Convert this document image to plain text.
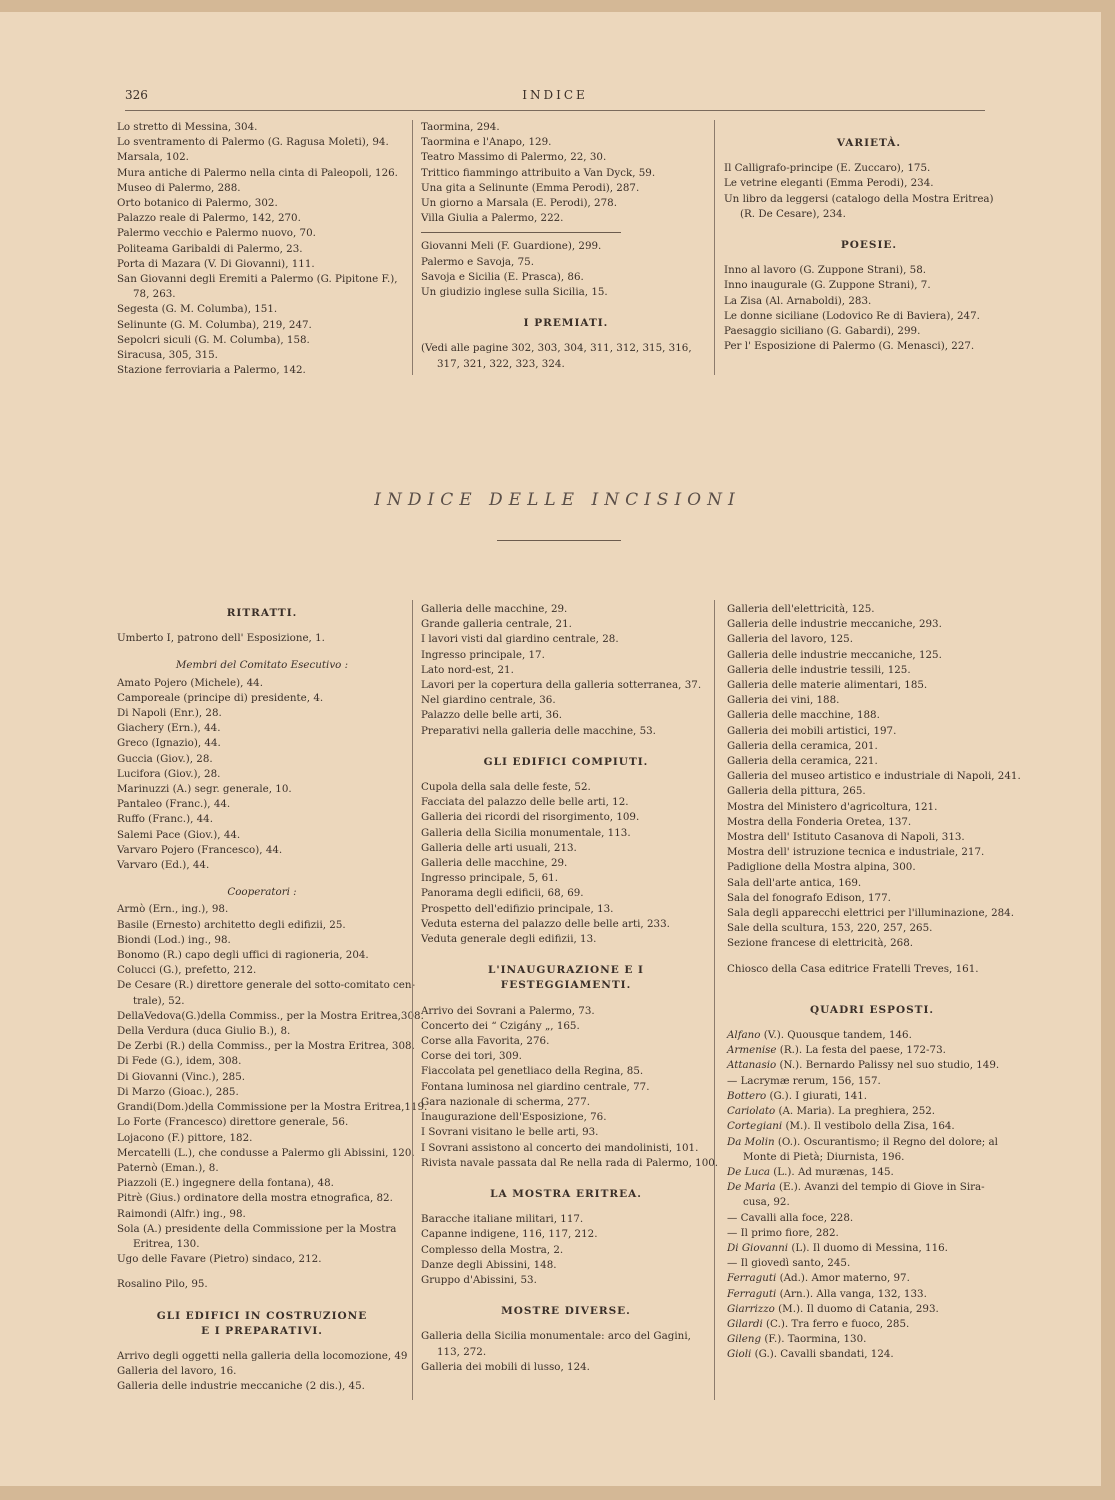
326	INDICE
Lo stretto di Messina, 304.
Lo sventramento di Palermo (G. Ragusa Moleti), 94.
Marsala, 102.
Mura antiche di Palermo nella cinta di Paleopoli, 126.
Museo di Palermo, 288.
Orto botanico di Palermo, 302.
Palazzo reale di Palermo, 142, 270.
Palermo vecchio e Palermo nuovo, 70.
Politeama Garibaldi di Palermo, 23.
Porta di Mazara (V. Di Giovanni), 111.
San Giovanni degli Eremiti a Palermo (G. Pipitone F.),
78, 263.
Segesta (G. M. Columba), 151.
Selinunte (G. M. Columba), 219, 247.
Sepolcri siculi (G. M. Columba), 158.
Siracusa, 305, 315.
Stazione ferroviaria a Palermo, 142.
Taormina, 294.
Taormina e l'Anapo, 129.
Teatro Massimo di Palermo, 22, 30.
Trittico fiammingo attribuito a Van Dyck, 59.
Una gita a Selinunte (Emma Perodi), 287.
Un giorno a Marsala (E. Perodi), 278.
Villa Giulia a Palermo, 222.
Giovanni Meli (F. Guardione), 299.
Palermo e Savoja, 75.
Savoja e Sicilia (E. Prasca), 86.
Un giudizio inglese sulla Sicilia, 15.
I PREMIATI.
(Vedi alle pagine 302, 303, 304, 311, 312, 315, 316,
317, 321, 322, 323, 324.
VARIETÀ.
Il Calligrafo-principe (E. Zuccaro), 175.
Le vetrine eleganti (Emma Perodi), 234.
Un libro da leggersi (catalogo della Mostra Eritrea)
(R. De Cesare), 234.
POESIE.
Inno al lavoro (G. Zuppone Strani), 58.
Inno inaugurale (G. Zuppone Strani), 7.
La Zisa (Al. Arnaboldi), 283.
Le donne siciliane (Lodovico Re di Baviera), 247.
Paesaggio siciliano (G. Gabardi), 299.
Per l' Esposizione di Palermo (G. Menasci), 227.
INDICE DELLE INCISIONI
RITRATTI.
Umberto I, patrono dell' Esposizione, 1.
Membri del Comitato Esecutivo :
Amato Pojero (Michele), 44.
Camporeale (principe di) presidente, 4.
Di Napoli (Enr.), 28.
Giachery (Ern.), 44.
Greco (Ignazio), 44.
Guccia (Giov.), 28.
Lucifora (Giov.), 28.
Marinuzzi (A.) segr. generale, 10.
Pantaleo (Franc.), 44.
Ruffo (Franc.), 44.
Salemi Pace (Giov.), 44.
Varvaro Pojero (Francesco), 44.
Varvaro (Ed.), 44.
Cooperatori :
Armò (Ern., ing.), 98.
Basile (Ernesto) architetto degli edifizii, 25.
Biondi (Lod.) ing., 98.
Bonomo (R.) capo degli uffici di ragioneria, 204.
Colucci (G.), prefetto, 212.
De Cesare (R.) direttore generale del sotto-comitato cen-
trale), 52.
DellaVedova(G.)della Commiss., per la Mostra Eritrea,308.
Della Verdura (duca Giulio B.), 8.
De Zerbi (R.) della Commiss., per la Mostra Eritrea, 308.
Di Fede (G.), idem, 308.
Di Giovanni (Vinc.), 285.
Di Marzo (Gioac.), 285.
Grandi(Dom.)della Commissione per la Mostra Eritrea,119.
Lo Forte (Francesco) direttore generale, 56.
Lojacono (F.) pittore, 182.
Mercatelli (L.), che condusse a Palermo gli Abissini, 120.
Paternò (Eman.), 8.
Piazzoli (E.) ingegnere della fontana), 48.
Pitrè (Gius.) ordinatore della mostra etnografica, 82.
Raimondi (Alfr.) ing., 98.
Sola (A.) presidente della Commissione per la Mostra
Eritrea, 130.
Ugo delle Favare (Pietro) sindaco, 212.
Rosalino Pilo, 95.
GLI EDIFICI IN COSTRUZIONE
E I PREPARATIVI.
Arrivo degli oggetti nella galleria della locomozione, 49
Galleria del lavoro, 16.
Galleria delle industrie meccaniche (2 dis.), 45.
Galleria delle macchine, 29.
Grande galleria centrale, 21.
I lavori visti dal giardino centrale, 28.
Ingresso principale, 17.
Lato nord-est, 21.
Lavori per la copertura della galleria sotterranea, 37.
Nel giardino centrale, 36.
Palazzo delle belle arti, 36.
Preparativi nella galleria delle macchine, 53.
GLI EDIFICI COMPIUTI.
Cupola della sala delle feste, 52.
Facciata del palazzo delle belle arti, 12.
Galleria dei ricordi del risorgimento, 109.
Galleria della Sicilia monumentale, 113.
Galleria delle arti usuali, 213.
Galleria delle macchine, 29.
Ingresso principale, 5, 61.
Panorama degli edificii, 68, 69.
Prospetto dell'edifizio principale, 13.
Veduta esterna del palazzo delle belle arti, 233.
Veduta generale degli edifizii, 13.
L'INAUGURAZIONE E I FESTEGGIAMENTI.
Arrivo dei Sovrani a Palermo, 73.
Concerto dei “ Czigány „, 165.
Corse alla Favorita, 276.
Corse dei tori, 309.
Fiaccolata pel genetliaco della Regina, 85.
Fontana luminosa nel giardino centrale, 77.
Gara nazionale di scherma, 277.
Inaugurazione dell'Esposizione, 76.
I Sovrani visitano le belle arti, 93.
I Sovrani assistono al concerto dei mandolinisti, 101.
Rivista navale passata dal Re nella rada di Palermo, 100.
LA MOSTRA ERITREA.
Baracche italiane militari, 117.
Capanne indigene, 116, 117, 212.
Complesso della Mostra, 2.
Danze degli Abissini, 148.
Gruppo d'Abissini, 53.
MOSTRE DIVERSE.
Galleria della Sicilia monumentale: arco del Gagini,
113, 272.
Galleria dei mobili di lusso, 124.
Galleria dell'elettricità, 125.
Galleria delle industrie meccaniche, 293.
Galleria del lavoro, 125.
Galleria delle industrie meccaniche, 125.
Galleria delle industrie tessili, 125.
Galleria delle materie alimentari, 185.
Galleria dei vini, 188.
Galleria delle macchine, 188.
Galleria dei mobili artistici, 197.
Galleria della ceramica, 201.
Galleria della ceramica, 221.
Galleria del museo artistico e industriale di Napoli, 241.
Galleria della pittura, 265.
Mostra del Ministero d'agricoltura, 121.
Mostra della Fonderia Oretea, 137.
Mostra dell' Istituto Casanova di Napoli, 313.
Mostra dell' istruzione tecnica e industriale, 217.
Padiglione della Mostra alpina, 300.
Sala dell'arte antica, 169.
Sala del fonografo Edison, 177.
Sala degli apparecchi elettrici per l'illuminazione, 284.
Sale della scultura, 153, 220, 257, 265.
Sezione francese di elettricità, 268.
Chiosco della Casa editrice Fratelli Treves, 161.
QUADRI ESPOSTI.
Alfano (V.). Quousque tandem, 146.
Armenise (R.). La festa del paese, 172-73.
Attanasio (N.). Bernardo Palissy nel suo studio, 149.
— Lacrymæ rerum, 156, 157.
Bottero (G.). I giurati, 141.
Cariolato (A. Maria). La preghiera, 252.
Cortegiani (M.). Il vestibolo della Zisa, 164.
Da Molin (O.). Oscurantismo; il Regno del dolore; al
Monte di Pietà; Diurnista, 196.
De Luca (L.). Ad murænas, 145.
De Maria (E.). Avanzi del tempio di Giove in Sira-
cusa, 92.
— Cavalli alla foce, 228.
— Il primo fiore, 282.
Di Giovanni (L). Il duomo di Messina, 116.
— Il giovedì santo, 245.
Ferraguti (Ad.). Amor materno, 97.
Ferraguti (Arn.). Alla vanga, 132, 133.
Giarrizzo (M.). Il duomo di Catania, 293.
Gilardi (C.). Tra ferro e fuoco, 285.
Gileng (F.). Taormina, 130.
Gioli (G.). Cavalli sbandati, 124.
